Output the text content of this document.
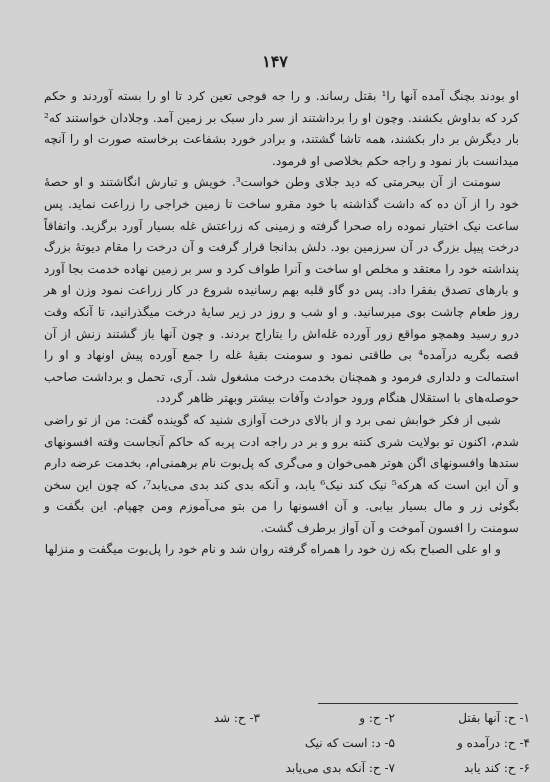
۱۴۷

او بودند بچنگ آمده آنها را¹ بقتل رساند. و را جه فوجی تعین کرد تا او را بسته آوردند و حکم کرد که بداوش بکشند. وچون او را برداشتند از سر دار سبک بر زمین آمد. وجلادان خواستند که² بار دیگرش بر دار بکشند، همه تاشا گشتند، و برادر خورد بشفاعت برخاسته صورت او را آنچه میدانست باز نمود و راجه حکم بخلاصی او فرمود.

سومنت از آن بیحرمتی که دید جلای وطن خواست³. خویش و تبارش انگاشتند و او حصه‌ٔ خود را از آن ده که داشت گذاشته با خود مقرو ساخت تا زمین خراجی را زراعت نماید. پس ساعت نیک اختیار نموده راه صحرا گرفته و زمینی که زراعتش غله بسیار آورد برگزید. واتفاقاً درخت پیپل بزرگ در آن سرزمین بود. دلش بدانجا قرار گرفت و آن درخت را مقام دیوته‌ٔ بزرگ پنداشته خود را معتقد و مخلص او ساخت و آنرا طواف کرد و سر بر زمین نهاده خدمت بجا آورد و بارهای تصدق بفقرا داد. پس دو گاو قلبه بهم رسانیده شروع در کار زراعت نمود وزن او هر روز طعام چاشت بوی میرسانید. و او شب و روز در زیر سایه‌ٔ درخت میگذرانید، تا آنکه وقت درو رسید وهمچو مواقع زور آورده غله‌اش را بتاراج بردند. و چون آنها باز گشتند زنش از آن قصه بگریه درآمده⁴ بی طاقتی نمود و سومنت بقیه‌ٔ غله را جمع آورده پیش اونهاد و او را استمالت و دلداری فرمود و همچنان بخدمت درخت مشغول شد. آری، تحمل و برداشت صاحب حوصله‌های با استقلال هنگام ورود حوادث وآفات بیشتر وبهتر ظاهر گردد.

شبی از فکر خوابش نمی برد و از بالای درخت آوازی شنید که گوینده گفت: من از تو راضی شدم، اکنون تو بولایت شری کنته برو و بر در راجه ادت پربه که حاکم آنجاست وقته افسونهای ستدها وافسونهای اگن هوتر همی‌خوان و می‌گری که پل‌بوت نام برهمنی‌ام، بخدمت عرضه دارم و آن این است که هرکه⁵ نیک کند نیک⁶ یابد، و آنکه بدی کند بدی می‌یابد⁷، که چون این سخن بگوئی زر و مال بسیار بیابی. و آن افسونها را من بتو می‌آموزم ومن چهپام. این بگفت و سومنت را افسون آموخت و آن آواز برطرف گشت.

و او علی الصباح بکه زن خود را همراه گرفته روان شد و نام خود را پل‌بوت میگفت و منزلها

۱- ح: آنها بقتل
۲- ح: و
۳- ح: شد
۴- ح: درآمده و
۵- د: است که نیک
۶- ح: کند یابد
۷- ح: آنکه بدی می‌یابد
